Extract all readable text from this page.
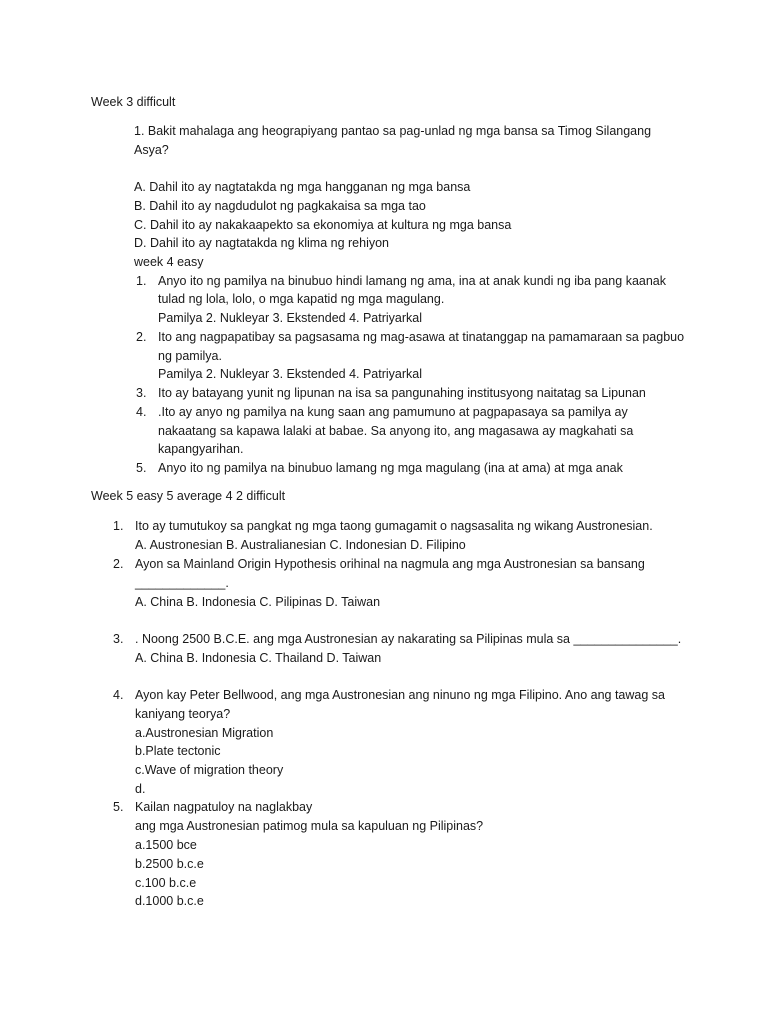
Week 3 difficult
1. Bakit mahalaga ang heograpiyang pantao sa pag-unlad ng mga bansa sa Timog Silangang
Asya?
A. Dahil ito ay nagtatakda ng mga hangganan ng mga bansa
B. Dahil ito ay nagdudulot ng pagkakaisa sa mga tao
C. Dahil ito ay nakakaapekto sa ekonomiya at kultura ng mga bansa
D. Dahil ito ay nagtatakda ng klima ng rehiyon
week 4 easy
1. Anyo ito ng pamilya na binubuo hindi lamang ng ama, ina at anak kundi ng iba pang kaanak
tulad ng lola, lolo, o mga kapatid ng mga magulang.
Pamilya 2. Nukleyar 3. Ekstended 4. Patriyarkal
2. Ito ang nagpapatibay sa pagsasama ng mag-asawa at tinatanggap na pamamaraan sa pagbuo
ng pamilya.
Pamilya 2. Nukleyar 3. Ekstended 4. Patriyarkal
3. Ito ay batayang yunit ng lipunan na isa sa pangunahing institusyong naitatag sa Lipunan
4. .Ito ay anyo ng pamilya na kung saan ang pamumuno at pagpapasaya sa pamilya ay
nakaatang sa kapawa lalaki at babae. Sa anyong ito, ang magasawa ay magkahati sa
kapangyarihan.
5. Anyo ito ng pamilya na binubuo lamang ng mga magulang (ina at ama) at mga anak
Week 5 easy 5 average 4 2 difficult
1. Ito ay tumutukoy sa pangkat ng mga taong gumagamit o nagsasalita ng wikang Austronesian.
A. Austronesian B. Australianesian C. Indonesian D. Filipino
2. Ayon sa Mainland Origin Hypothesis orihinal na nagmula ang mga Austronesian sa bansang
_____________.
A. China B. Indonesia C. Pilipinas D. Taiwan
3. . Noong 2500 B.C.E. ang mga Austronesian ay nakarating sa Pilipinas mula sa _______________.
A. China B. Indonesia C. Thailand D. Taiwan
4. Ayon kay Peter Bellwood, ang mga Austronesian ang ninuno ng mga Filipino. Ano ang tawag sa
kaniyang teorya?
a.Austronesian Migration
b.Plate tectonic
c.Wave of migration theory
d.
5. Kailan nagpatuloy na naglakbay
ang mga Austronesian patimog mula sa kapuluan ng Pilipinas?
a.1500 bce
b.2500 b.c.e
c.100 b.c.e
d.1000 b.c.e
